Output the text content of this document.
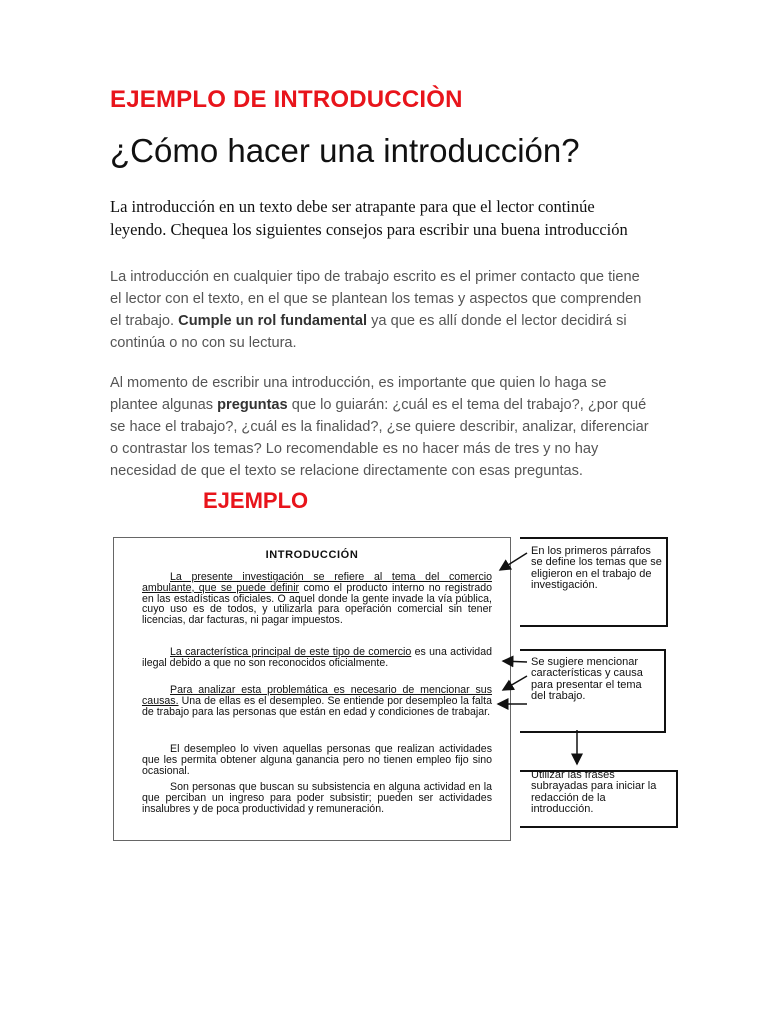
EJEMPLO DE INTRODUCCIÒN
¿Cómo hacer una introducción?
La introducción en un texto debe ser atrapante para que el lector continúe leyendo. Chequea los siguientes consejos para escribir una buena introducción
La introducción en cualquier tipo de trabajo escrito es el primer contacto que tiene el lector con el texto, en el que se plantean los temas y aspectos que comprenden el trabajo. Cumple un rol fundamental ya que es allí donde el lector decidirá si continúa o no con su lectura.
Al momento de escribir una introducción, es importante que quien lo haga se plantee algunas preguntas que lo guiarán: ¿cuál es el tema del trabajo?, ¿por qué se hace el trabajo?, ¿cuál es la finalidad?, ¿se quiere describir, analizar, diferenciar o contrastar los temas? Lo recomendable es no hacer más de tres y no hay necesidad de que el texto se relacione directamente con esas preguntas.
EJEMPLO
INTRODUCCIÓN
La presente investigación se refiere al tema del comercio ambulante, que se puede definir como el producto interno no registrado en las estadísticas oficiales. O aquel donde la gente invade la vía pública, cuyo uso es de todos, y utilizarla para operación comercial sin tener licencias, dar facturas, ni pagar impuestos.
La característica principal de este tipo de comercio es una actividad ilegal debido a que no son reconocidos oficialmente.
Para analizar esta problemática es necesario de mencionar sus causas. Una de ellas es el desempleo. Se entiende por desempleo la falta de trabajo para las personas que están en edad y condiciones de trabajar.
El desempleo lo viven aquellas personas que realizan actividades que les permita obtener alguna ganancia pero no tienen empleo fijo sino ocasional.
Son personas que buscan su subsistencia en alguna actividad en la que perciban un ingreso para poder subsistir; pueden ser actividades insalubres y de poca productividad y remuneración.
En los primeros párrafos se define los temas que se eligieron en el trabajo de investigación.
Se sugiere mencionar características y causa para presentar el tema del trabajo.
Utilizar las frases subrayadas para iniciar la redacción de la introducción.
